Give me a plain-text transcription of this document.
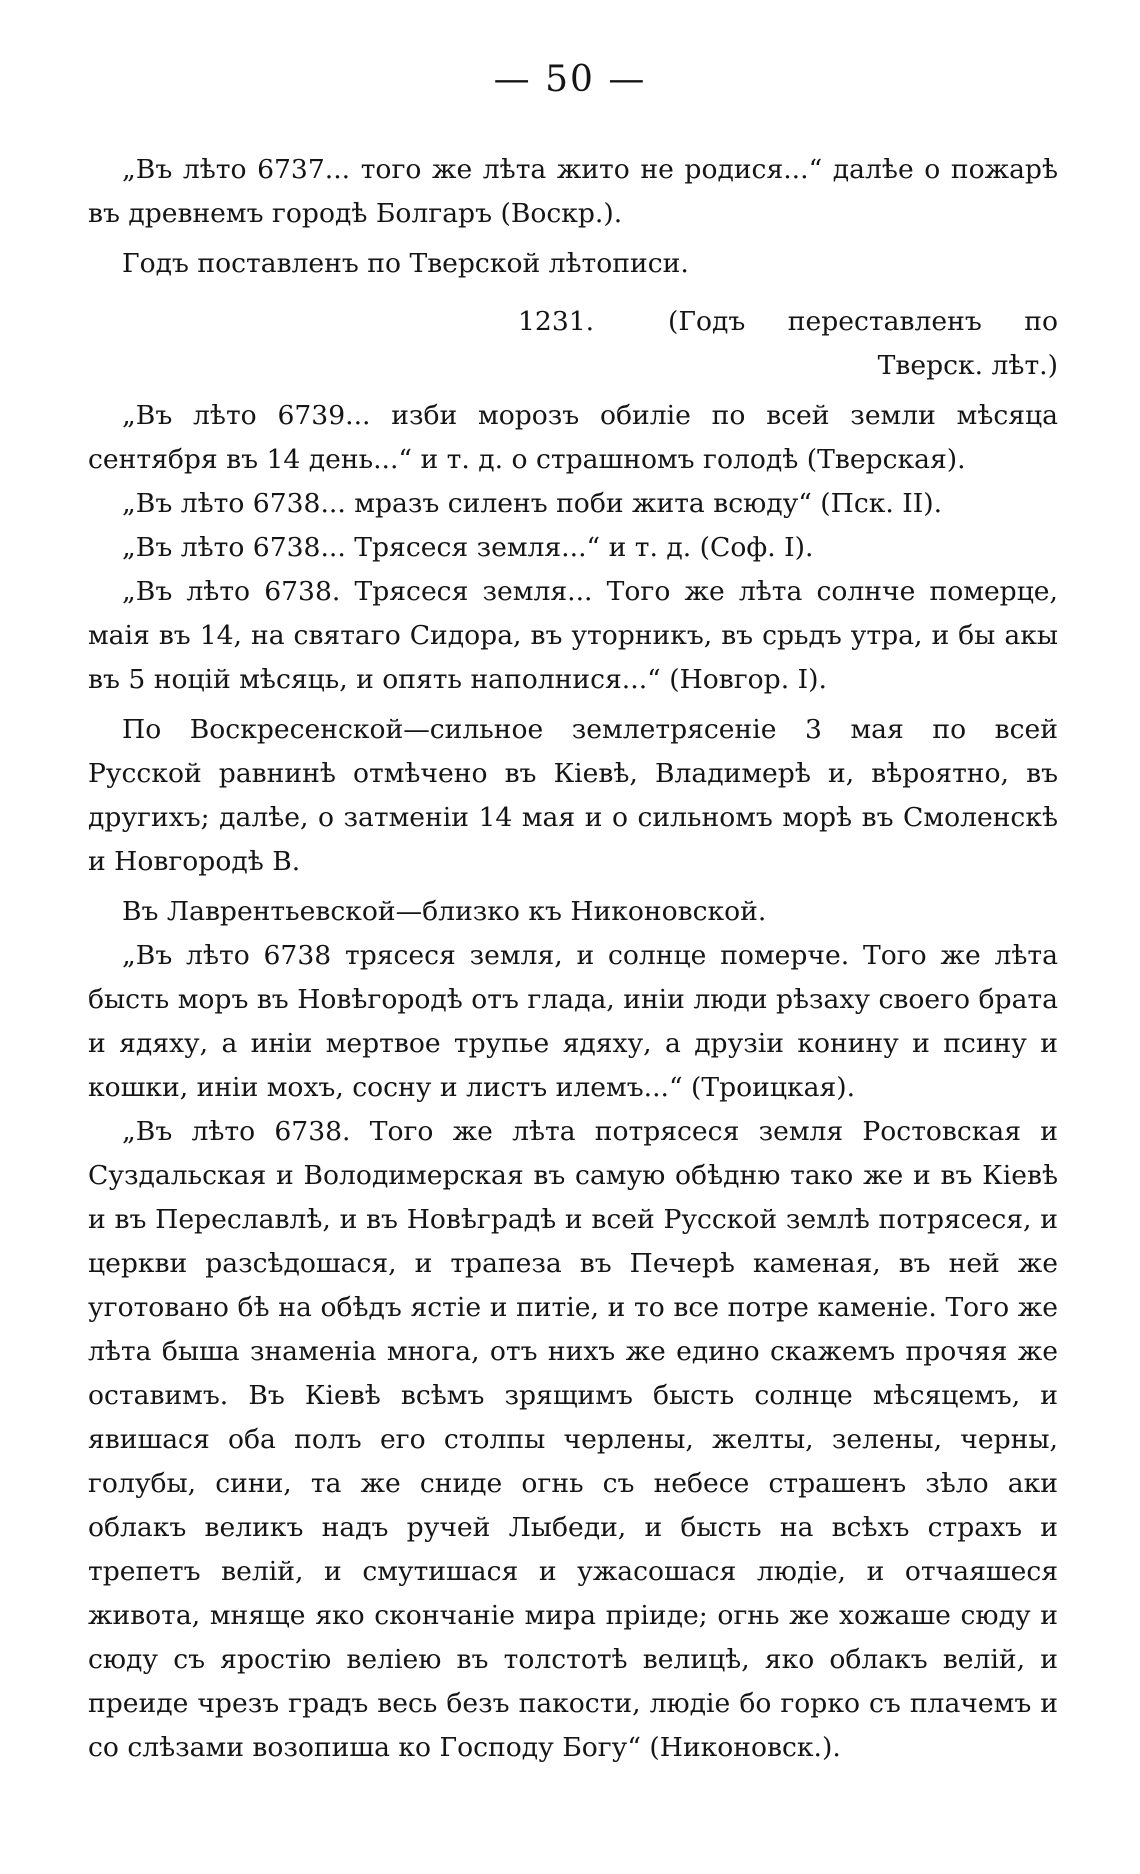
— 50 —

„Въ лѣто 6737... того же лѣта жито не родися...“ далѣе о пожарѣ въ древнемъ городѣ Болгаръ (Воскр.).

Годъ поставленъ по Тверской лѣтописи.

1231.	(Годъ переставленъ по Тверск. лѣт.)

„Въ лѣто 6739... изби морозъ обиліе по всей земли мѣсяца сентября въ 14 день...“ и т. д. о страшномъ голодѣ (Тверская).

„Въ лѣто 6738... мразъ силенъ поби жита всюду“ (Пск. II).

„Въ лѣто 6738... Трясеся земля...“ и т. д. (Соф. I).

„Въ лѣто 6738. Трясеся земля... Того же лѣта солнче померце, маія въ 14, на святаго Сидора, въ уторникъ, въ срьдъ утра, и бы акы въ 5 ноцій мѣсяць, и опять наполнися...“ (Новгор. I).

По Воскресенской—сильное землетрясеніе 3 мая по всей Русской равнинѣ отмѣчено въ Кіевѣ, Владимерѣ и, вѣроятно, въ другихъ; далѣе, о затменіи 14 мая и о сильномъ морѣ въ Смоленскѣ и Новгородѣ В.

Въ Лаврентьевской—близко къ Никоновской.

„Въ лѣто 6738 трясеся земля, и солнце померче. Того же лѣта бысть моръ въ Новѣгородѣ отъ глада, иніи люди рѣзаху своего брата и ядяху, а иніи мертвое трупье ядяху, а друзіи конину и псину и кошки, иніи мохъ, сосну и листъ илемъ...“ (Троицкая).

„Въ лѣто 6738. Того же лѣта потрясеся земля Ростовская и Суздальская и Володимерская въ самую обѣдню тако же и въ Кіевѣ и въ Переславлѣ, и въ Новѣградѣ и всей Русской землѣ потрясеся, и церкви разсѣдошася, и трапеза въ Печерѣ каменая, въ ней же уготовано бѣ на обѣдъ ястіе и питіе, и то все потре каменіе. Того же лѣта быша знаменіа многа, отъ нихъ же едино скажемъ прочяя же оставимъ. Въ Кіевѣ всѣмъ зрящимъ бысть солнце мѣсяцемъ, и явишася оба полъ его столпы черлены, желты, зелены, черны, голубы, сини, та же сниде огнь съ небесе страшенъ зѣло аки облакъ великъ надъ ручей Лыбеди, и бысть на всѣхъ страхъ и трепетъ велій, и смутишася и ужасошася людіе, и отчаяшеся живота, мняще яко скончаніе мира пріиде; огнь же хожаше сюду и сюду съ яростію веліею въ толстотѣ велицѣ, яко облакъ велій, и преиде чрезъ градъ весь безъ пакости, людіе бо горко съ плачемъ и со слѣзами возопиша ко Господу Богу“ (Никоновск.).
